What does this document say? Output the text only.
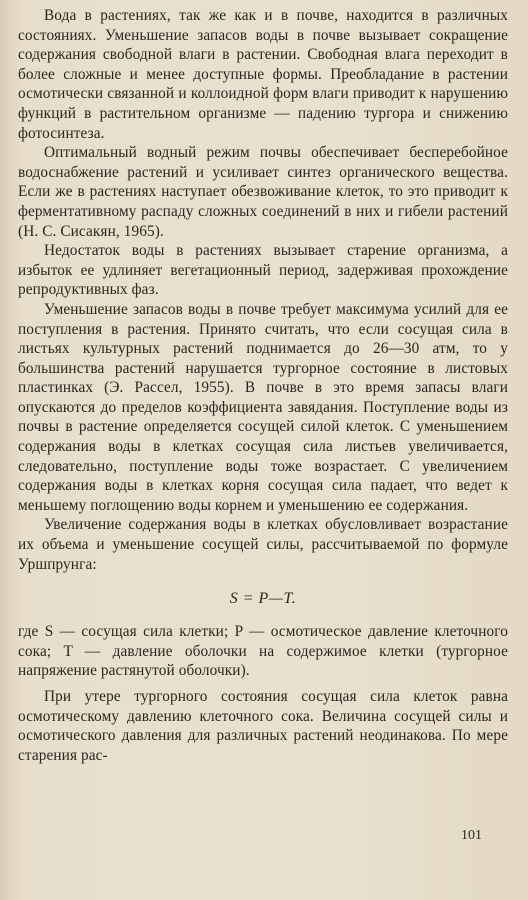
Вода в растениях, так же как и в почве, находится в различных состояниях. Уменьшение запасов воды в почве вызывает сокращение содержания свободной влаги в растении. Свободная влага переходит в более сложные и менее доступные формы. Преобладание в растении осмотически связанной и коллоидной форм влаги приводит к нарушению функций в растительном организме — падению тургора и снижению фотосинтеза.

Оптимальный водный режим почвы обеспечивает бесперебойное водоснабжение растений и усиливает синтез органического вещества. Если же в растениях наступает обезвоживание клеток, то это приводит к ферментативному распаду сложных соединений в них и гибели растений (Н. С. Сисакян, 1965).

Недостаток воды в растениях вызывает старение организма, а избыток ее удлиняет вегетационный период, задерживая прохождение репродуктивных фаз.

Уменьшение запасов воды в почве требует максимума усилий для ее поступления в растения. Принято считать, что если сосущая сила в листьях культурных растений поднимается до 26—30 атм, то у большинства растений нарушается тургорное состояние в листовых пластинках (Э. Рассел, 1955). В почве в это время запасы влаги опускаются до пределов коэффициента завядания. Поступление воды из почвы в растение определяется сосущей силой клеток. С уменьшением содержания воды в клетках сосущая сила листьев увеличивается, следовательно, поступление воды тоже возрастает. С увеличением содержания воды в клетках корня сосущая сила падает, что ведет к меньшему поглощению воды корнем и уменьшению ее содержания.

Увеличение содержания воды в клетках обусловливает возрастание их объема и уменьшение сосущей силы, рассчитываемой по формуле Уршпрунга:

S = P—T.

где S — сосущая сила клетки; P — осмотическое давление клеточного сока; T — давление оболочки на содержимое клетки (тургорное напряжение растянутой оболочки).

При утере тургорного состояния сосущая сила клеток равна осмотическому давлению клеточного сока. Величина сосущей силы и осмотического давления для различных растений неодинакова. По мере старения рас-

101
